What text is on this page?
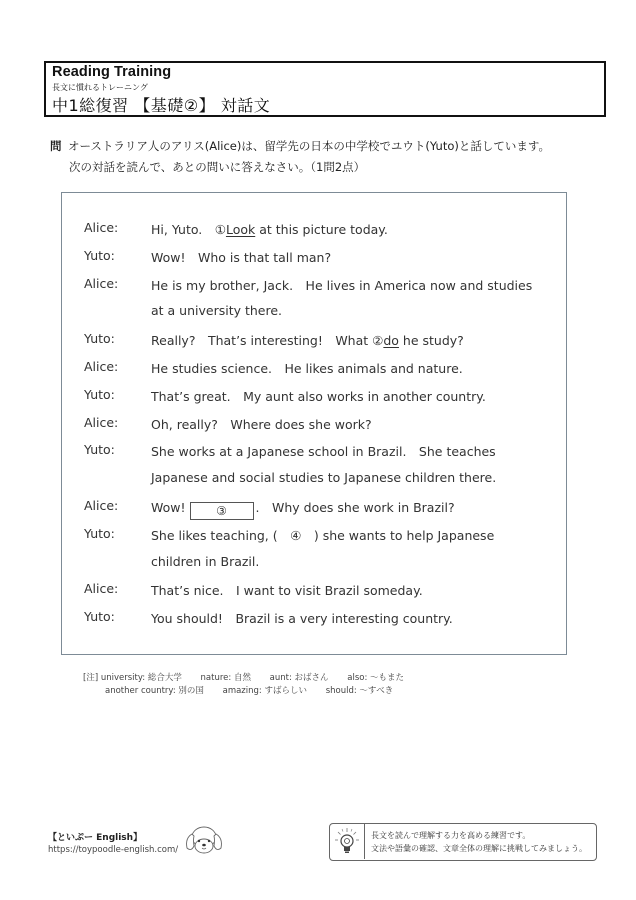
Reading Training
長文に慣れるトレーニング
中1総復習 【基礎②】 対話文
問 オーストラリア人のアリス(Alice)は、留学先の日本の中学校でユウト(Yuto)と話しています。
次の対話を読んで、あとの問いに答えなさい。（1問2点）
Alice:	Hi, Yuto.　①Look at this picture today.
Yuto:	Wow!　Who is that tall man?
Alice:	He is my brother, Jack.　He lives in America now and studies
at a university there.
Yuto:	Really?　That’s interesting!　What ②do he study?
Alice:	He studies science.　He likes animals and nature.
Yuto:	That’s great.　My aunt also works in another country.
Alice:	Oh, really?　Where does she work?
Yuto:	She works at a Japanese school in Brazil.　She teaches
Japanese and social studies to Japanese children there.
Alice:	Wow!	③ .　Why does she work in Brazil?
Yuto:	She likes teaching, (　④　) she wants to help Japanese
children in Brazil.
Alice:	That’s nice.　I want to visit Brazil someday.
Yuto:	You should!　Brazil is a very interesting country.
[注] university: 総合大学 nature: 自然 aunt: おばさん also: ～もまた
another country: 別の国 amazing: すばらしい should: ～すべき
【といぷー English】
https://toypoodle-english.com/
長文を読んで理解する力を高める練習です。
文法や語彙の確認、文章全体の理解に挑戦してみましょう。
